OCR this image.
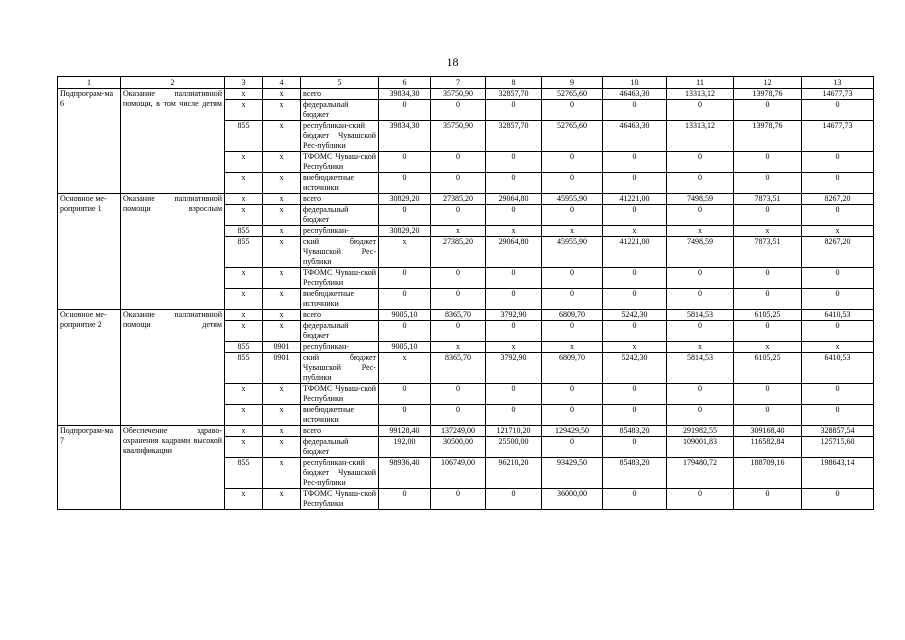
18
1	2	3	4	5	6	7	8	9	10	11	12	13
Подпрограм-ма 6	Оказание паллиативной помощи, в том числе детям	x	x	всего	39834,30	35750,90	32857,70	52765,60	46463,30	13313,12	13978,76	14677,73
		x	x	федеральный бюджет	0	0	0	0	0	0	0	0
		855	x	республикан-ский бюджет Чувашской Рес-публики	39834,30	35750,90	32857,70	52765,60	46463,30	13313,12	13978,76	14677,73
		x	x	ТФОМС Чуваш-ской Республики	0	0	0	0	0	0	0	0
		x	x	внебюджетные источники	0	0	0	0	0	0	0	0
Основное ме-роприятие 1	Оказание паллиативной помощи взрослым	x	x	всего	30829,20	27385,20	29064,80	45955,90	41221,00	7498,59	7873,51	8267,20
		x	x	федеральный бюджет	0	0	0	0	0	0	0	0
		855	x	республикан-	30829,20	x	x	x	x	x	x	x
		855	x	ский бюджет Чувашской Рес-публики	x	27385,20	29064,80	45955,90	41221,00	7498,59	7873,51	8267,20
		x	x	ТФОМС Чуваш-ской Республики	0	0	0	0	0	0	0	0
		x	x	внебюджетные источники	0	0	0	0	0	0	0	0
Основное ме-роприятие 2	Оказание паллиативной помощи детям	x	x	всего	9005,10	8365,70	3792,90	6809,70	5242,30	5814,53	6105,25	6410,53
		x	x	федеральный бюджет	0	0	0	0	0	0	0	0
		855	0901	республикан-	9005,10	x	x	x	x	x	x	x
		855	0901	ский бюджет Чувашской Рес-публики	x	8365,70	3792,90	6809,70	5242,30	5814,53	6105,25	6410,53
		x	x	ТФОМС Чуваш-ской Республики	0	0	0	0	0	0	0	0
		x	x	внебюджетные источники	0	0	0	0	0	0	0	0
Подпрограм-ма 7	Обеспечение здраво-охранения кадрами высокой квалификации	x	x	всего	99128,40	137249,00	121710,20	129429,50	85483,20	291982,55	309168,40	328857,54
		x	x	федеральный бюджет	192,00	30500,00	25500,00	0	0	109001,83	116582,84	125715,60
		855	x	республикан-ский бюджет Чувашской Рес-публики	98936,40	106749,00	96210,20	93429,50	85483,20	179480,72	188709,16	198643,14
		x	x	ТФОМС Чуваш-ской Республики	0	0	0	36000,00	0	0	0	0
